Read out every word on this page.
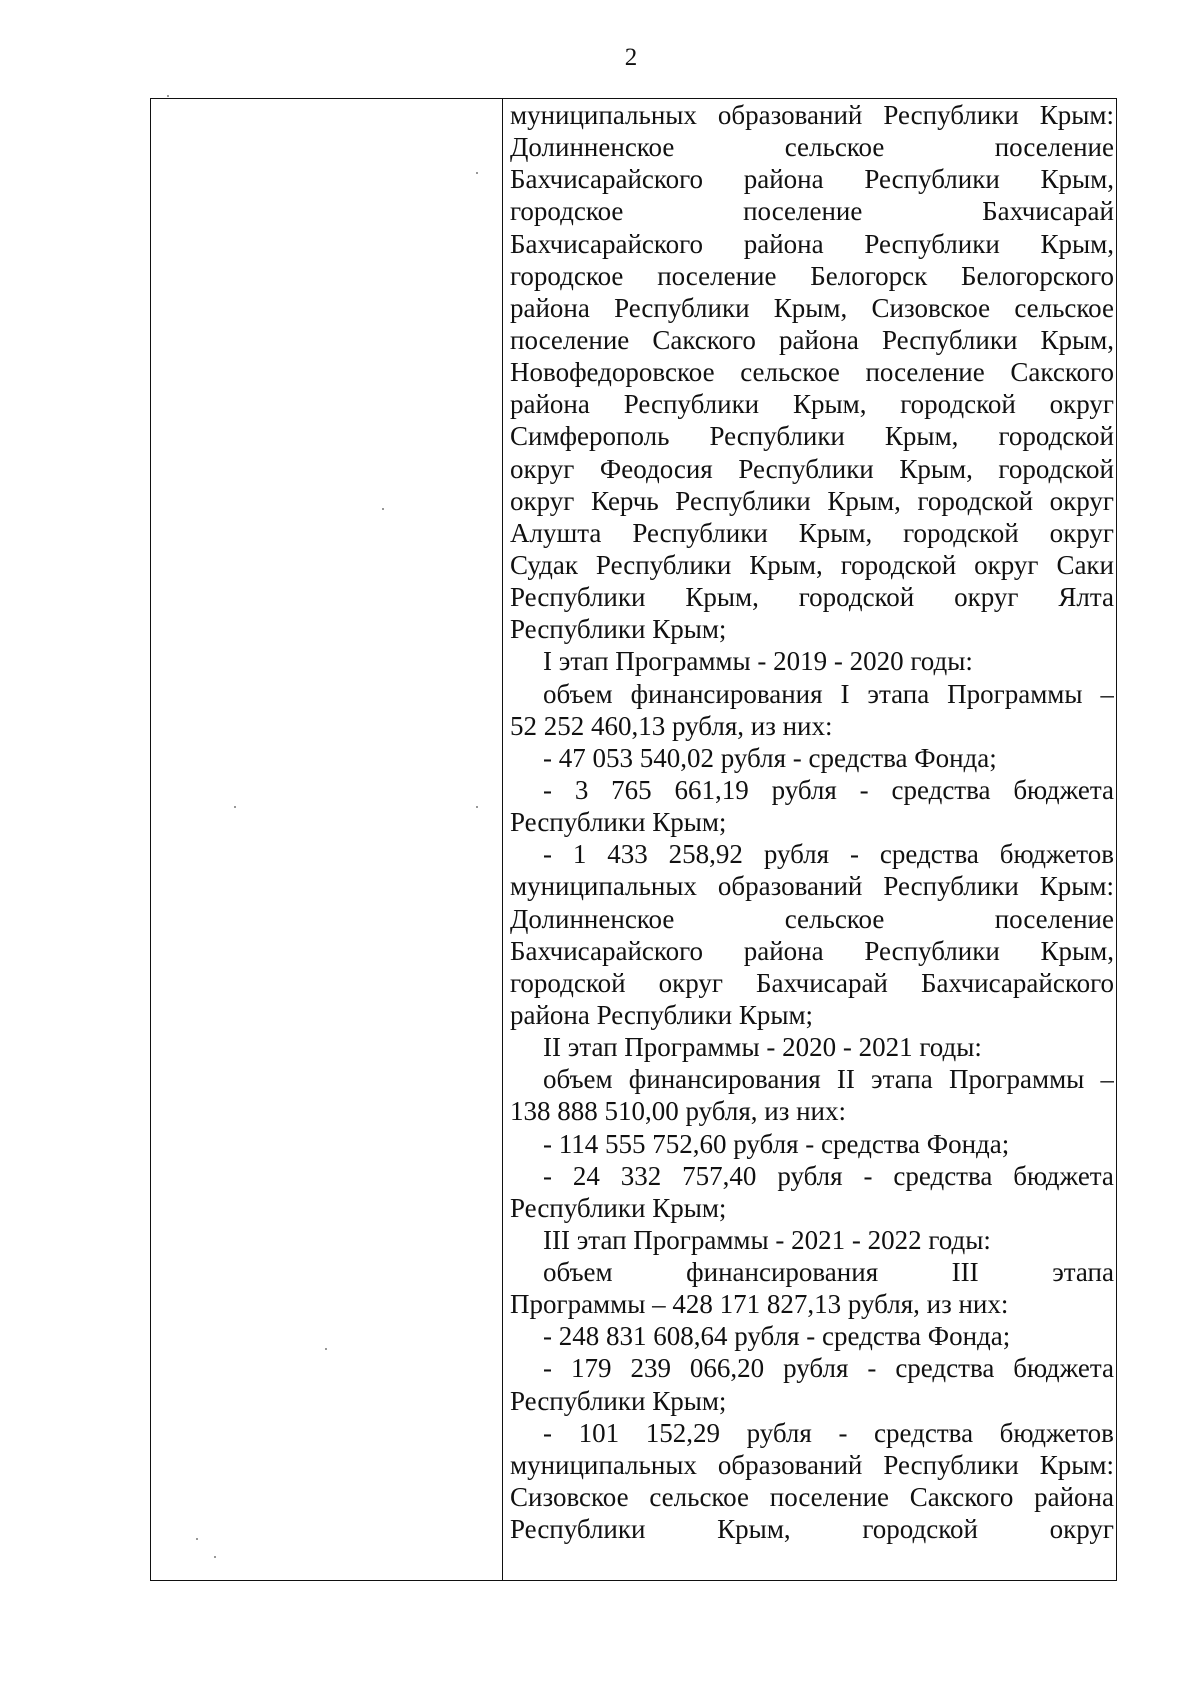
2
муниципальных образований Республики Крым:
Долинненское	сельское	поселение
Бахчисарайского района Республики Крым,
городское	поселение	Бахчисарай
Бахчисарайского района Республики Крым,
городское поселение Белогорск Белогорского
района Республики Крым, Сизовское сельское
поселение Сакского района Республики Крым,
Новофедоровское сельское поселение Сакского
района Республики Крым, городской округ
Симферополь Республики Крым, городской
округ Феодосия Республики Крым, городской
округ Керчь Республики Крым, городской округ
Алушта Республики Крым, городской округ
Судак Республики Крым, городской округ Саки
Республики Крым, городской округ Ялта
Республики Крым;
I этап Программы - 2019 - 2020 годы:
объем финансирования I этапа Программы –
52 252 460,13 рубля, из них:
- 47 053 540,02 рубля - средства Фонда;
- 3 765 661,19 рубля - средства бюджета
Республики Крым;
- 1 433 258,92 рубля - средства бюджетов
муниципальных образований Республики Крым:
Долинненское	сельское	поселение
Бахчисарайского района Республики Крым,
городской округ Бахчисарай Бахчисарайского
района Республики Крым;
II этап Программы - 2020 - 2021 годы:
объем финансирования II этапа Программы –
138 888 510,00 рубля, из них:
- 114 555 752,60 рубля - средства Фонда;
- 24 332 757,40 рубля - средства бюджета
Республики Крым;
III этап Программы - 2021 - 2022 годы:
объем	финансирования	III	этапа
Программы – 428 171 827,13 рубля, из них:
- 248 831 608,64 рубля - средства Фонда;
- 179 239 066,20 рубля - средства бюджета
Республики Крым;
- 101 152,29 рубля - средства бюджетов
муниципальных образований Республики Крым:
Сизовское сельское поселение Сакского района
Республики	Крым,	городской	округ
